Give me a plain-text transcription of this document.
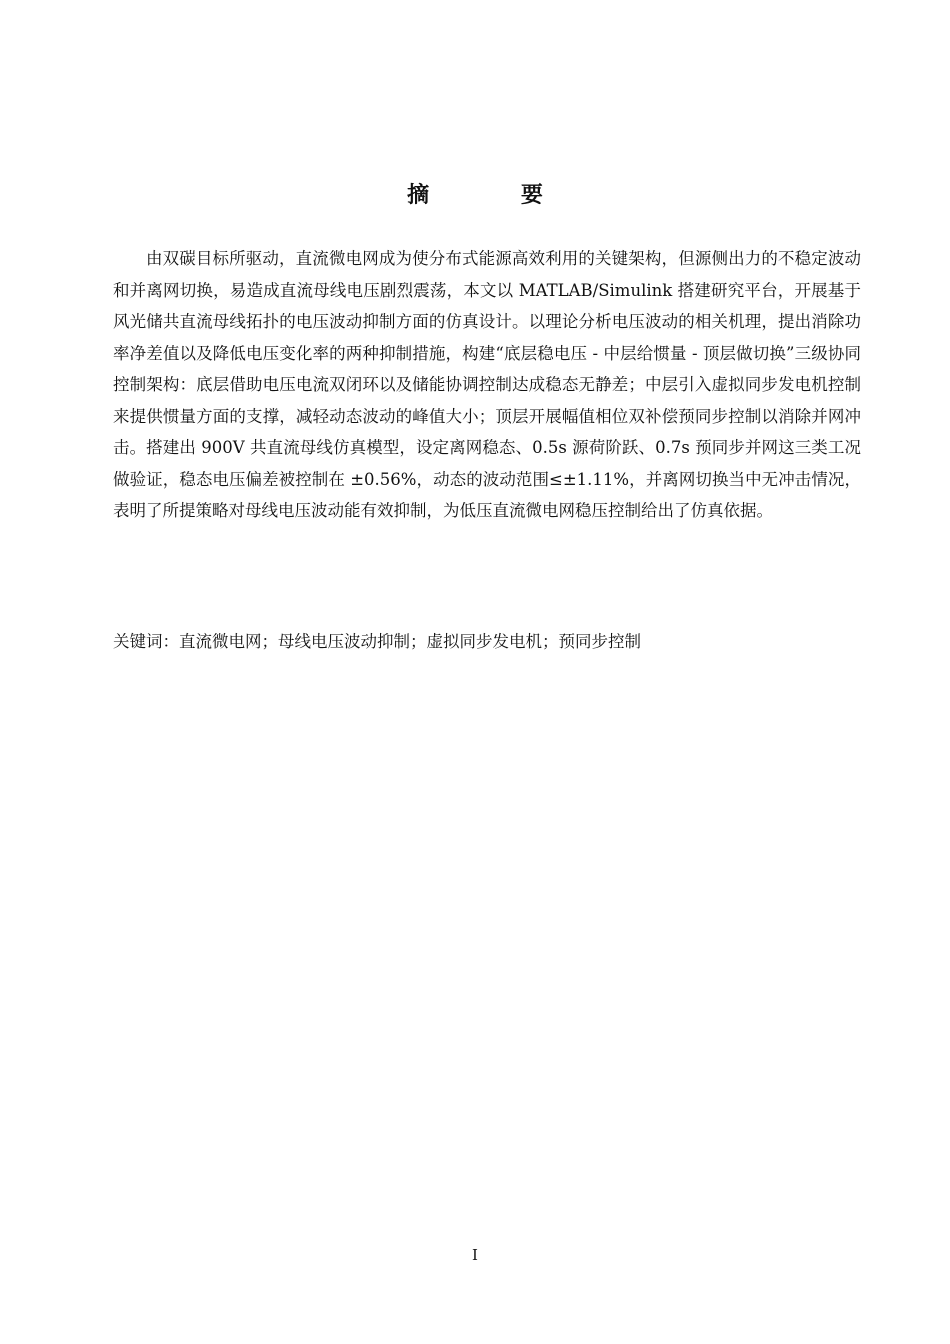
摘 要

由双碳目标所驱动，直流微电网成为使分布式能源高效利用的关键架构，但源侧出力的不稳定波动和并离网切换，易造成直流母线电压剧烈震荡，本文以 MATLAB/Simulink 搭建研究平台，开展基于风光储共直流母线拓扑的电压波动抑制方面的仿真设计。以理论分析电压波动的相关机理，提出消除功率净差值以及降低电压变化率的两种抑制措施，构建“底层稳电压 - 中层给惯量 - 顶层做切换”三级协同控制架构：底层借助电压电流双闭环以及储能协调控制达成稳态无静差；中层引入虚拟同步发电机控制来提供惯量方面的支撑，减轻动态波动的峰值大小；顶层开展幅值相位双补偿预同步控制以消除并网冲击。搭建出 900V 共直流母线仿真模型，设定离网稳态、0.5s 源荷阶跃、0.7s 预同步并网这三类工况做验证，稳态电压偏差被控制在 ±0.56%，动态的波动范围≤±1.11%，并离网切换当中无冲击情况，表明了所提策略对母线电压波动能有效抑制，为低压直流微电网稳压控制给出了仿真依据。

关键词：直流微电网；母线电压波动抑制；虚拟同步发电机；预同步控制

I
